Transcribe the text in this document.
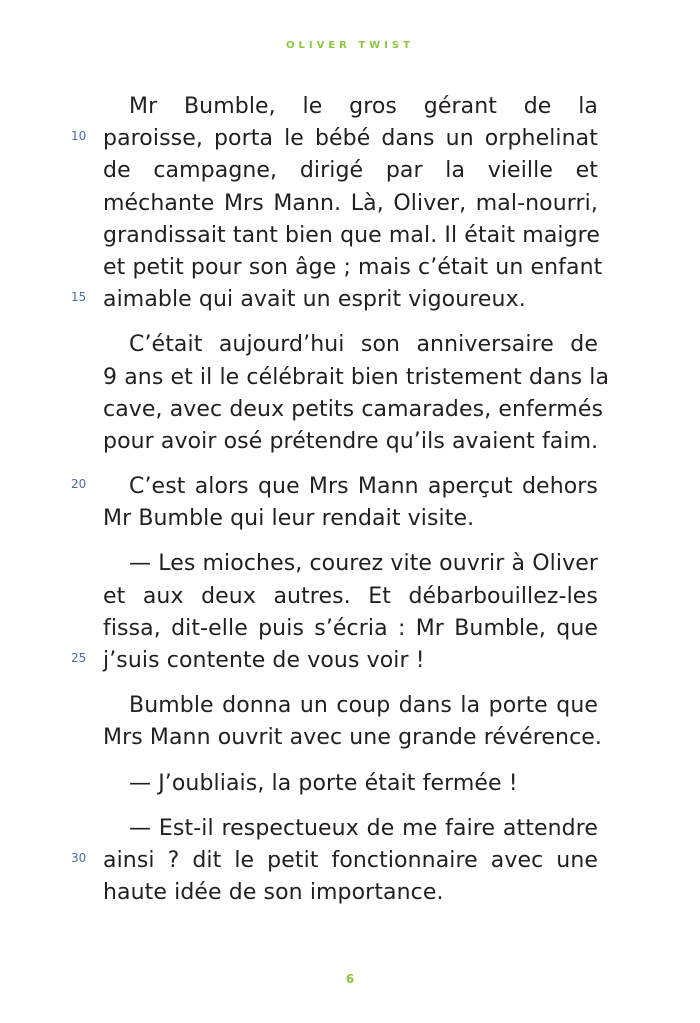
OLIVER TWIST
Mr Bumble, le gros gérant de la
paroisse, porta le bébé dans un orphelinat
10
de campagne, dirigé par la vieille et
méchante Mrs Mann. Là, Oliver, mal-nourri,
grandissait tant bien que mal. Il était maigre
et petit pour son âge ; mais c’était un enfant
aimable qui avait un esprit vigoureux.
15
C’était aujourd’hui son anniversaire de
9 ans et il le célébrait bien tristement dans la
cave, avec deux petits camarades, enfermés
pour avoir osé prétendre qu’ils avaient faim.
C’est alors que Mrs Mann aperçut dehors
20
Mr Bumble qui leur rendait visite.
— Les mioches, courez vite ouvrir à Oliver
et aux deux autres. Et débarbouillez-les
fissa, dit-elle puis s’écria : Mr Bumble, que
j’suis contente de vous voir !
25
Bumble donna un coup dans la porte que
Mrs Mann ouvrit avec une grande révérence.
— J’oubliais, la porte était fermée !
— Est-il respectueux de me faire attendre
ainsi ? dit le petit fonctionnaire avec une
30
haute idée de son importance.
6
